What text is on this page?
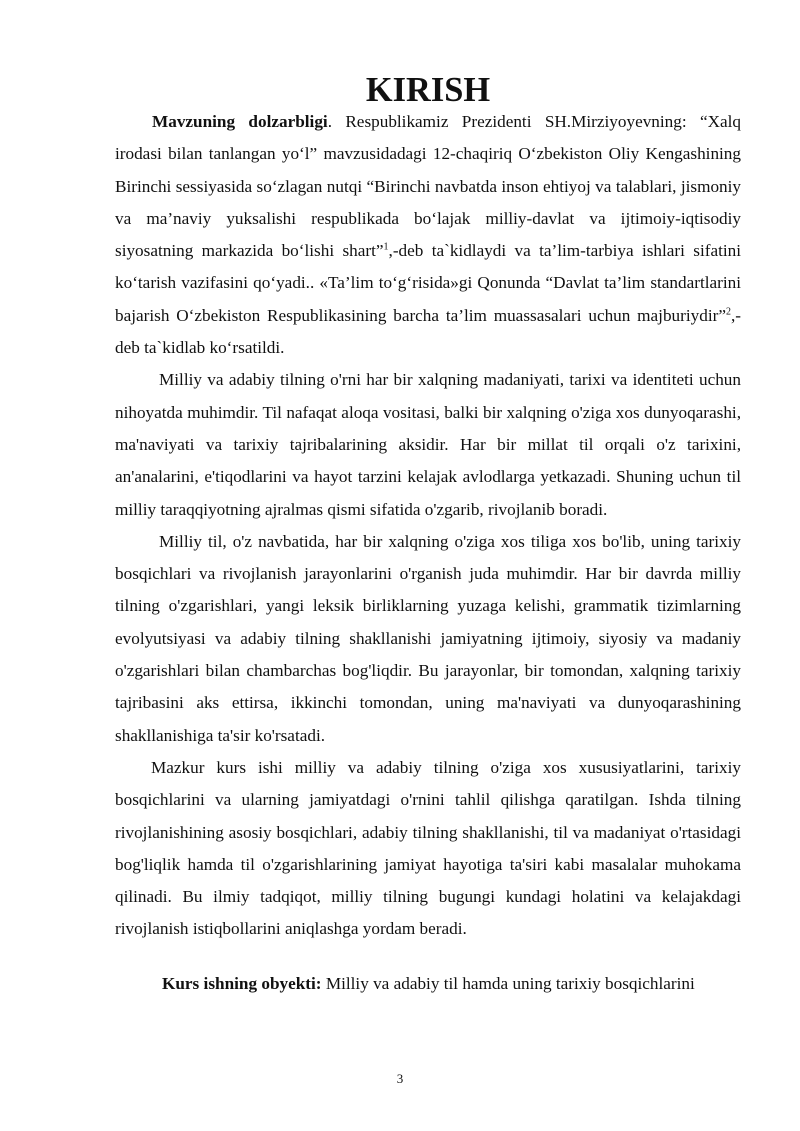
KIRISH

Mavzuning dolzarbligi. Respublikamiz Prezidenti SH.Mirziyoyevning: “Xalq irodasi bilan tanlangan yo‘l” mavzusidadagi 12-chaqiriq O‘zbekiston Oliy Kengashining Birinchi sessiyasida so‘zlagan nutqi “Birinchi navbatda inson ehtiyoj va talablari, jismoniy va ma’naviy yuksalishi respublikada bo‘lajak milliy-davlat va ijtimoiy-iqtisodiy siyosatning markazida bo‘lishi shart”$^1$,-deb ta`kidlaydi va ta’lim-tarbiya ishlari sifatini ko‘tarish vazifasini qo‘yadi.. «Ta’lim to‘g‘risida»gi Qonunda “Davlat ta’lim standartlarini bajarish O‘zbekiston Respublikasining barcha ta’lim muassasalari uchun majburiydir”$^2$,- deb ta`kidlab ko‘rsatildi.

Milliy va adabiy tilning o'rni har bir xalqning madaniyati, tarixi va identiteti uchun nihoyatda muhimdir. Til nafaqat aloqa vositasi, balki bir xalqning o'ziga xos dunyoqarashi, ma'naviyati va tarixiy tajribalarining aksidir. Har bir millat til orqali o'z tarixini, an'analarini, e'tiqodlarini va hayot tarzini kelajak avlodlarga yetkazadi. Shuning uchun til milliy taraqqiyotning ajralmas qismi sifatida o'zgarib, rivojlanib boradi.

Milliy til, o'z navbatida, har bir xalqning o'ziga xos tiliga xos bo'lib, uning tarixiy bosqichlari va rivojlanish jarayonlarini o'rganish juda muhimdir. Har bir davrda milliy tilning o'zgarishlari, yangi leksik birliklarning yuzaga kelishi, grammatik tizimlarning evolyutsiyasi va adabiy tilning shakllanishi jamiyatning ijtimoiy, siyosiy va madaniy o'zgarishlari bilan chambarchas bog'liqdir. Bu jarayonlar, bir tomondan, xalqning tarixiy tajribasini aks ettirsa, ikkinchi tomondan, uning ma'naviyati va dunyoqarashining shakllanishiga ta'sir ko'rsatadi.

Mazkur kurs ishi milliy va adabiy tilning o'ziga xos xususiyatlarini, tarixiy bosqichlarini va ularning jamiyatdagi o'rnini tahlil qilishga qaratilgan. Ishda tilning rivojlanishining asosiy bosqichlari, adabiy tilning shakllanishi, til va madaniyat o'rtasidagi bog'liqlik hamda til o'zgarishlarining jamiyat hayotiga ta'siri kabi masalalar muhokama qilinadi. Bu ilmiy tadqiqot, milliy tilning bugungi kundagi holatini va kelajakdagi rivojlanish istiqbollarini aniqlashga yordam beradi.

Kurs ishning obyekti: Milliy va adabiy til hamda uning tarixiy bosqichlarini

3
